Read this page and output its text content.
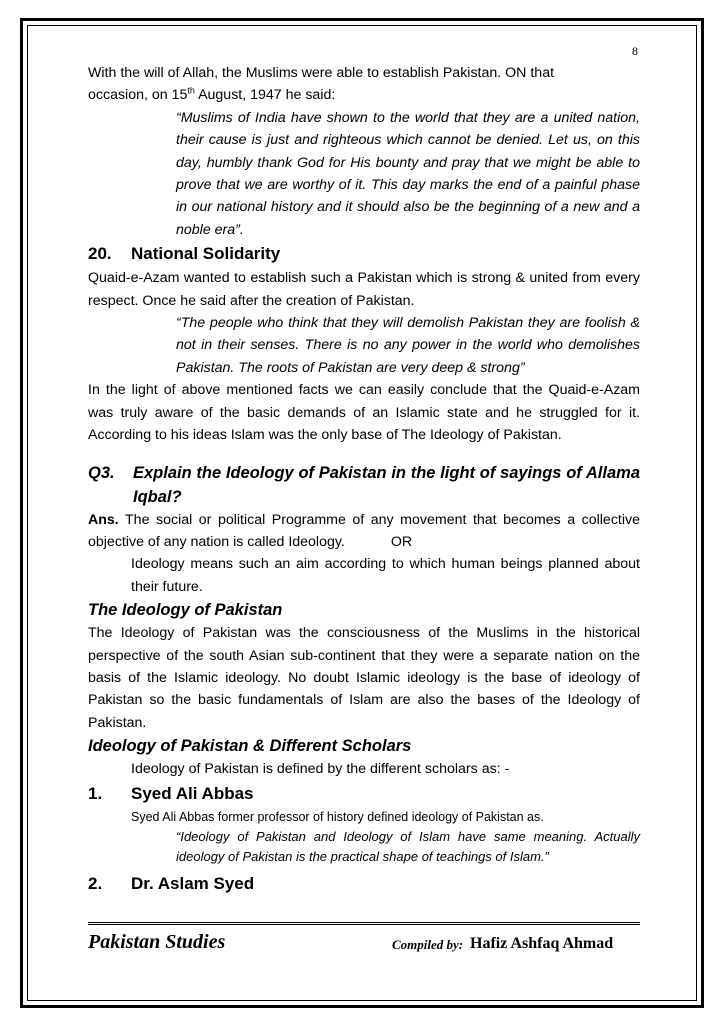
8

With the will of Allah, the Muslims were able to establish Pakistan. ON that

occasion, on 15th August, 1947 he said:

“Muslims of India have shown to the world that they are a united nation, their cause is just and righteous which cannot be denied. Let us, on this day, humbly thank God for His bounty and pray that we might be able to prove that we are worthy of it. This day marks the end of a painful phase in our national history and it should also be the beginning of a new and a noble era”.

20. National Solidarity

Quaid-e-Azam wanted to establish such a Pakistan which is strong & united from every respect. Once he said after the creation of Pakistan.

“The people who think that they will demolish Pakistan they are foolish & not in their senses. There is no any power in the world who demolishes Pakistan. The roots of Pakistan are very deep & strong”

In the light of above mentioned facts we can easily conclude that the Quaid-e-Azam was truly aware of the basic demands of an Islamic state and he struggled for it. According to his ideas Islam was the only base of The Ideology of Pakistan.

Q3.	Explain the Ideology of Pakistan in the light of sayings of Allama Iqbal?

Ans. The social or political Programme of any movement that becomes a collective objective of any nation is called Ideology.	OR

Ideology means such an aim according to which human beings planned about their future.

The Ideology of Pakistan

The Ideology of Pakistan was the consciousness of the Muslims in the historical perspective of the south Asian sub-continent that they were a separate nation on the basis of the Islamic ideology. No doubt Islamic ideology is the base of ideology of Pakistan so the basic fundamentals of Islam are also the bases of the Ideology of Pakistan.

Ideology of Pakistan & Different Scholars

Ideology of Pakistan is defined by the different scholars as: -

1. Syed Ali Abbas

Syed Ali Abbas former professor of history defined ideology of Pakistan as.

“Ideology of Pakistan and Ideology of Islam have same meaning. Actually ideology of Pakistan is the practical shape of teachings of Islam.”

2. Dr. Aslam Syed

Pakistan Studies	Compiled by: Hafiz Ashfaq Ahmad
